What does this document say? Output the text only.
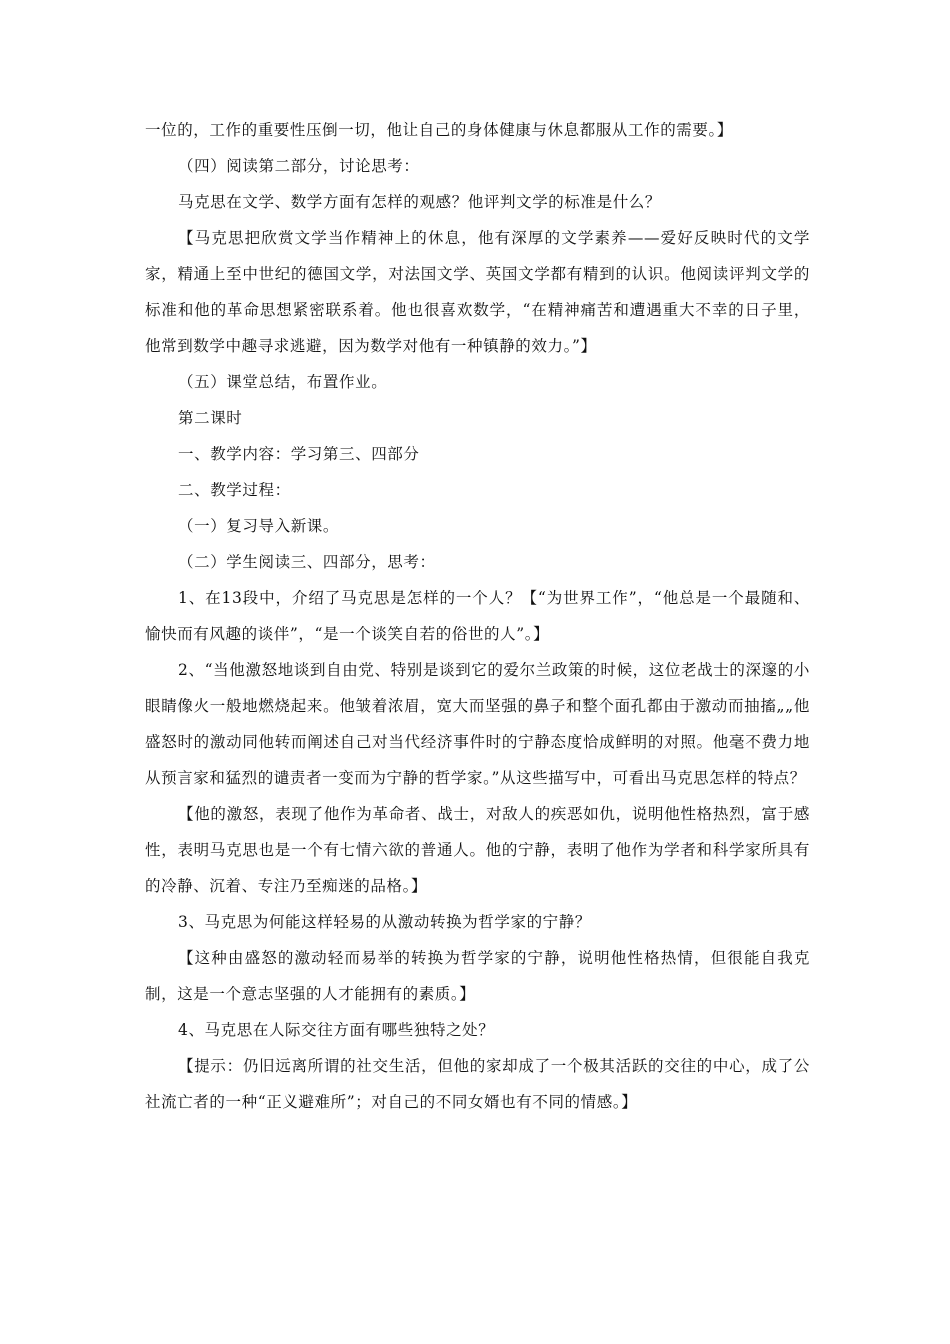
一位的，工作的重要性压倒一切，他让自己的身体健康与休息都服从工作的需要。】

（四）阅读第二部分，讨论思考：

马克思在文学、数学方面有怎样的观感？他评判文学的标准是什么？

【马克思把欣赏文学当作精神上的休息，他有深厚的文学素养——爱好反映时代的文学家，精通上至中世纪的德国文学，对法国文学、英国文学都有精到的认识。他阅读评判文学的标准和他的革命思想紧密联系着。他也很喜欢数学，“在精神痛苦和遭遇重大不幸的日子里，他常到数学中趣寻求逃避，因为数学对他有一种镇静的效力。”】

（五）课堂总结，布置作业。

第二课时

一、教学内容：学习第三、四部分

二、教学过程：

（一）复习导入新课。

（二）学生阅读三、四部分，思考：

1、在13段中，介绍了马克思是怎样的一个人？【“为世界工作”，“他总是一个最随和、愉快而有风趣的谈伴”，“是一个谈笑自若的俗世的人”。】

2、“当他激怒地谈到自由党、特别是谈到它的爱尔兰政策的时候，这位老战士的深邃的小眼睛像火一般地燃烧起来。他皱着浓眉，宽大而坚强的鼻子和整个面孔都由于激动而抽搐„„他盛怒时的激动同他转而阐述自己对当代经济事件时的宁静态度恰成鲜明的对照。他毫不费力地从预言家和猛烈的谴责者一变而为宁静的哲学家。”从这些描写中，可看出马克思怎样的特点？

【他的激怒，表现了他作为革命者、战士，对敌人的疾恶如仇，说明他性格热烈，富于感性，表明马克思也是一个有七情六欲的普通人。他的宁静，表明了他作为学者和科学家所具有的冷静、沉着、专注乃至痴迷的品格。】

3、马克思为何能这样轻易的从激动转换为哲学家的宁静？

【这种由盛怒的激动轻而易举的转换为哲学家的宁静，说明他性格热情，但很能自我克制，这是一个意志坚强的人才能拥有的素质。】

4、马克思在人际交往方面有哪些独特之处？

【提示：仍旧远离所谓的社交生活，但他的家却成了一个极其活跃的交往的中心，成了公社流亡者的一种“正义避难所”；对自己的不同女婿也有不同的情感。】
